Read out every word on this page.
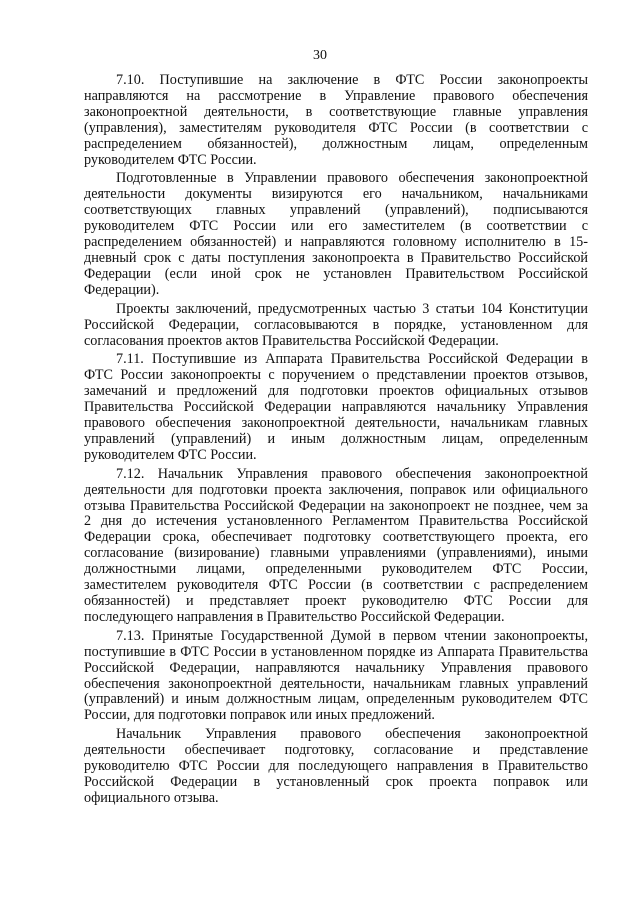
30

7.10. Поступившие на заключение в ФТС России законопроекты направляются на рассмотрение в Управление правового обеспечения законопроектной деятельности, в соответствующие главные управления (управления), заместителям руководителя ФТС России (в соответствии с распределением обязанностей), должностным лицам, определенным руководителем ФТС России.

Подготовленные в Управлении правового обеспечения законопроектной деятельности документы визируются его начальником, начальниками соответствующих главных управлений (управлений), подписываются руководителем ФТС России или его заместителем (в соответствии с распределением обязанностей) и направляются головному исполнителю в 15-дневный срок с даты поступления законопроекта в Правительство Российской Федерации (если иной срок не установлен Правительством Российской Федерации).

Проекты заключений, предусмотренных частью 3 статьи 104 Конституции Российской Федерации, согласовываются в порядке, установленном для согласования проектов актов Правительства Российской Федерации.

7.11. Поступившие из Аппарата Правительства Российской Федерации в ФТС России законопроекты с поручением о представлении проектов отзывов, замечаний и предложений для подготовки проектов официальных отзывов Правительства Российской Федерации направляются начальнику Управления правового обеспечения законопроектной деятельности, начальникам главных управлений (управлений) и иным должностным лицам, определенным руководителем ФТС России.

7.12. Начальник Управления правового обеспечения законопроектной деятельности для подготовки проекта заключения, поправок или официального отзыва Правительства Российской Федерации на законопроект не позднее, чем за 2 дня до истечения установленного Регламентом Правительства Российской Федерации срока, обеспечивает подготовку соответствующего проекта, его согласование (визирование) главными управлениями (управлениями), иными должностными лицами, определенными руководителем ФТС России, заместителем руководителя ФТС России (в соответствии с распределением обязанностей) и представляет проект руководителю ФТС России для последующего направления в Правительство Российской Федерации.

7.13. Принятые Государственной Думой в первом чтении законопроекты, поступившие в ФТС России в установленном порядке из Аппарата Правительства Российской Федерации, направляются начальнику Управления правового обеспечения законопроектной деятельности, начальникам главных управлений (управлений) и иным должностным лицам, определенным руководителем ФТС России, для подготовки поправок или иных предложений.

Начальник Управления правового обеспечения законопроектной деятельности обеспечивает подготовку, согласование и представление руководителю ФТС России для последующего направления в Правительство Российской Федерации в установленный срок проекта поправок или официального отзыва.
